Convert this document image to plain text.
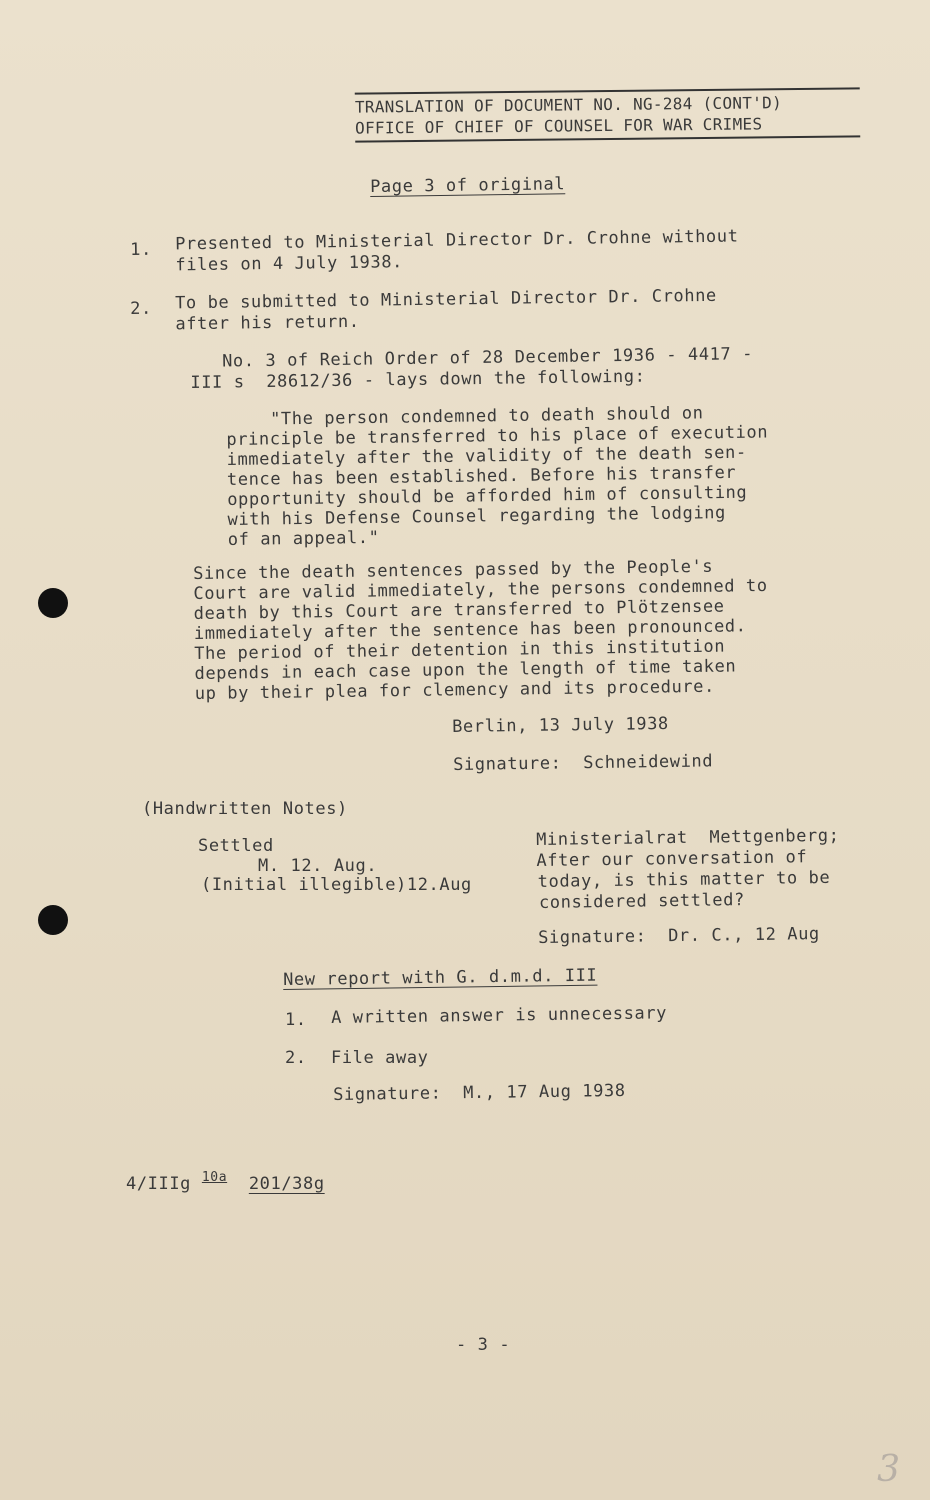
TRANSLATION OF DOCUMENT NO. NG-284 (CONT'D)
OFFICE OF CHIEF OF COUNSEL FOR WAR CRIMES
Page 3 of original
1. Presented to Ministerial Director Dr. Crohne without
files on 4 July 1938.
2. To be submitted to Ministerial Director Dr. Crohne
after his return.
No. 3 of Reich Order of 28 December 1936 - 4417 -
III s  28612/36 - lays down the following:
"The person condemned to death should on
principle be transferred to his place of execution
immediately after the validity of the death sen-
tence has been established. Before his transfer
opportunity should be afforded him of consulting
with his Defense Counsel regarding the lodging
of an appeal."
Since the death sentences passed by the People's
Court are valid immediately, the persons condemned to
death by this Court are transferred to Plötzensee
immediately after the sentence has been pronounced.
The period of their detention in this institution
depends in each case upon the length of time taken
up by their plea for clemency and its procedure.
Berlin, 13 July 1938
Signature:  Schneidewind
(Handwritten Notes)
Settled
M. 12. Aug.
(Initial illegible)12.Aug
Ministerialrat  Mettgenberg;
After our conversation of
today, is this matter to be
considered settled?
Signature:  Dr. C., 12 Aug
New report with G. d.m.d. III
1. A written answer is unnecessary
2. File away
Signature:  M., 17 Aug 1938
4/IIIg $^{10a}$ 201/38g
- 3 -
3
